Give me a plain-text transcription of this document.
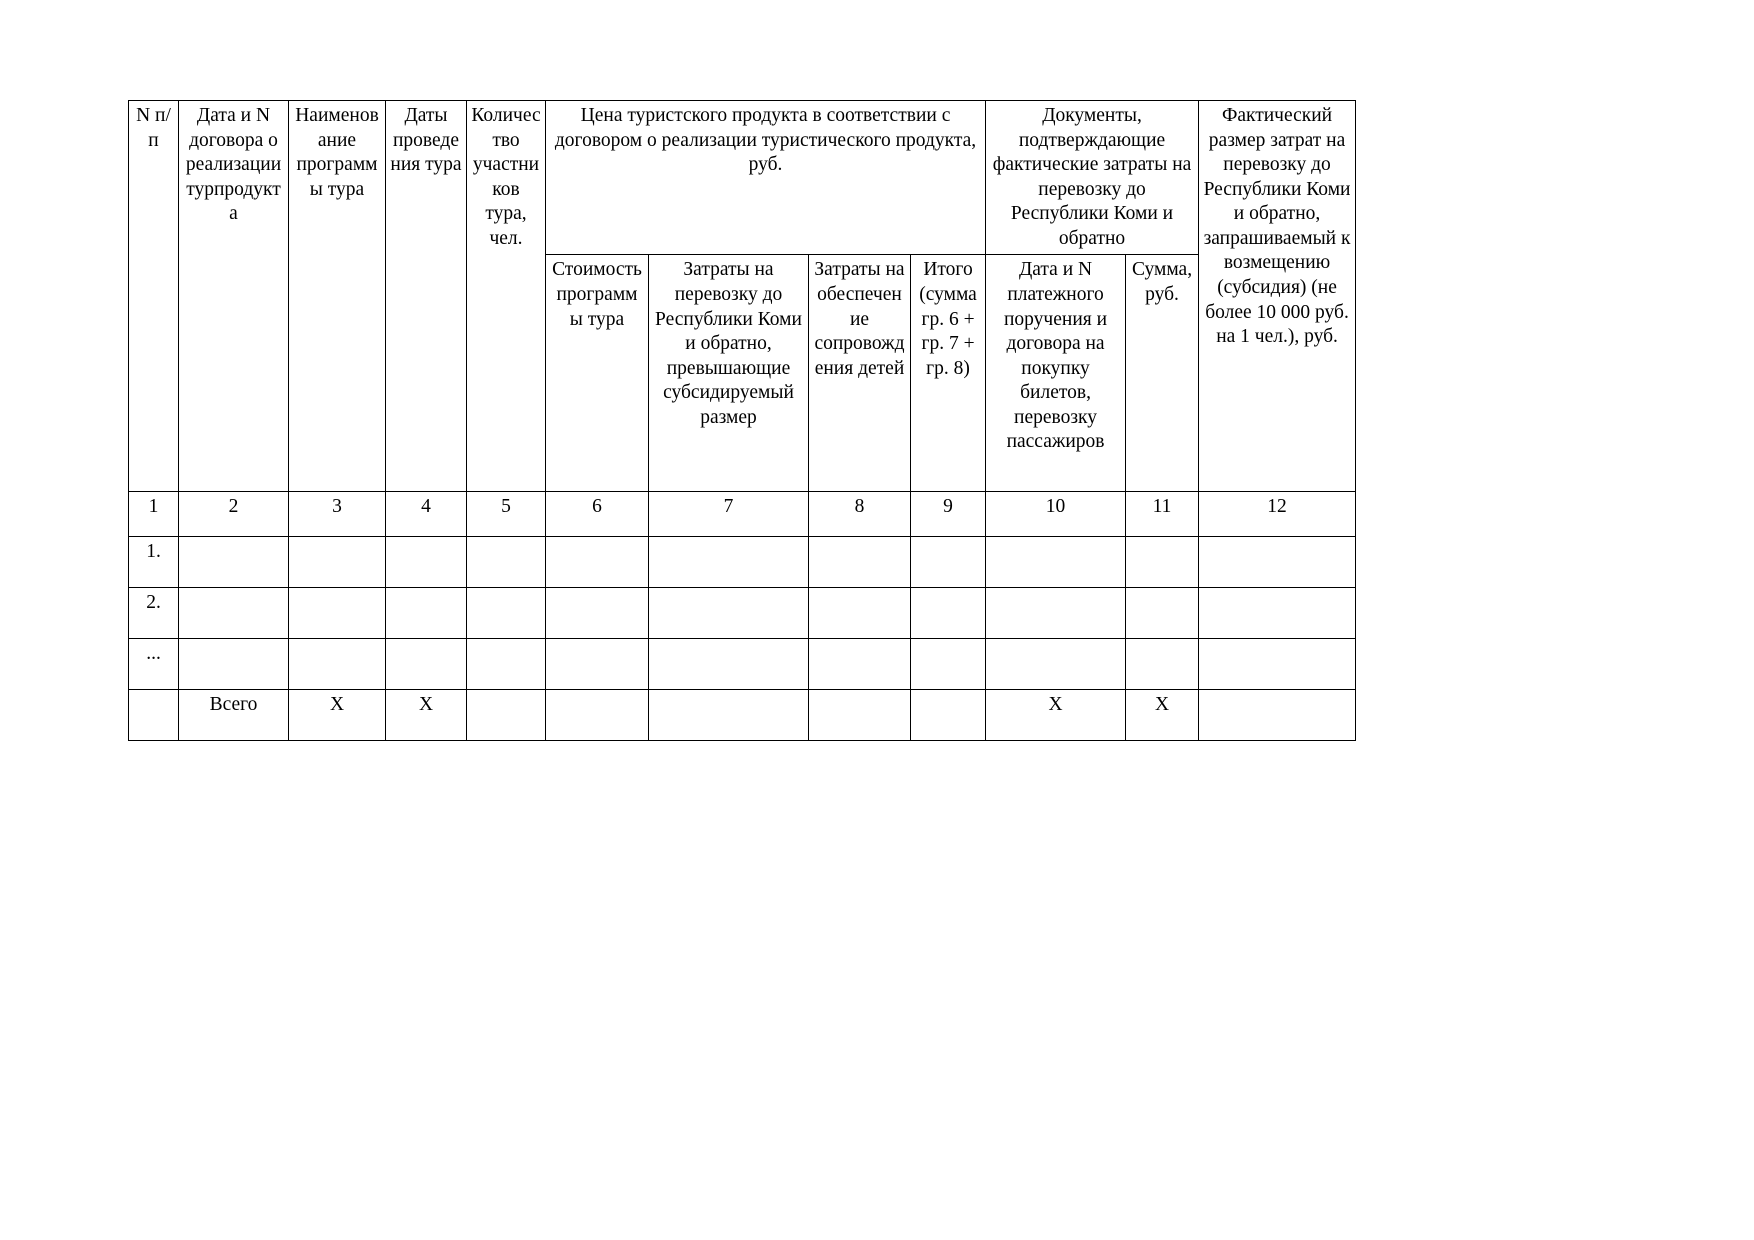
N п/п	Дата и N договора о реализации турпродукта	Наименование программы тура	Даты проведения тура	Количество участников тура, чел.	Цена туристского продукта в соответствии с договором о реализации туристического продукта, руб.				Документы, подтверждающие фактические затраты на перевозку до Республики Коми и обратно		Фактический размер затрат на перевозку до Республики Коми и обратно, запрашиваемый к возмещению (субсидия) (не более 10 000 руб. на 1 чел.), руб.

					Стоимость программы тура	Затраты на перевозку до Республики Коми и обратно, превышающие субсидируемый размер	Затраты на обеспечение сопровождения детей	Итого (сумма гр. 6 + гр. 7 + гр. 8)	Дата и N платежного поручения и договора на покупку билетов, перевозку пассажиров	Сумма, руб.	

1	2	3	4	5	6	7	8	9	10	11	12
1.											
2.											
...											
	Всего	X	X						X	X	
